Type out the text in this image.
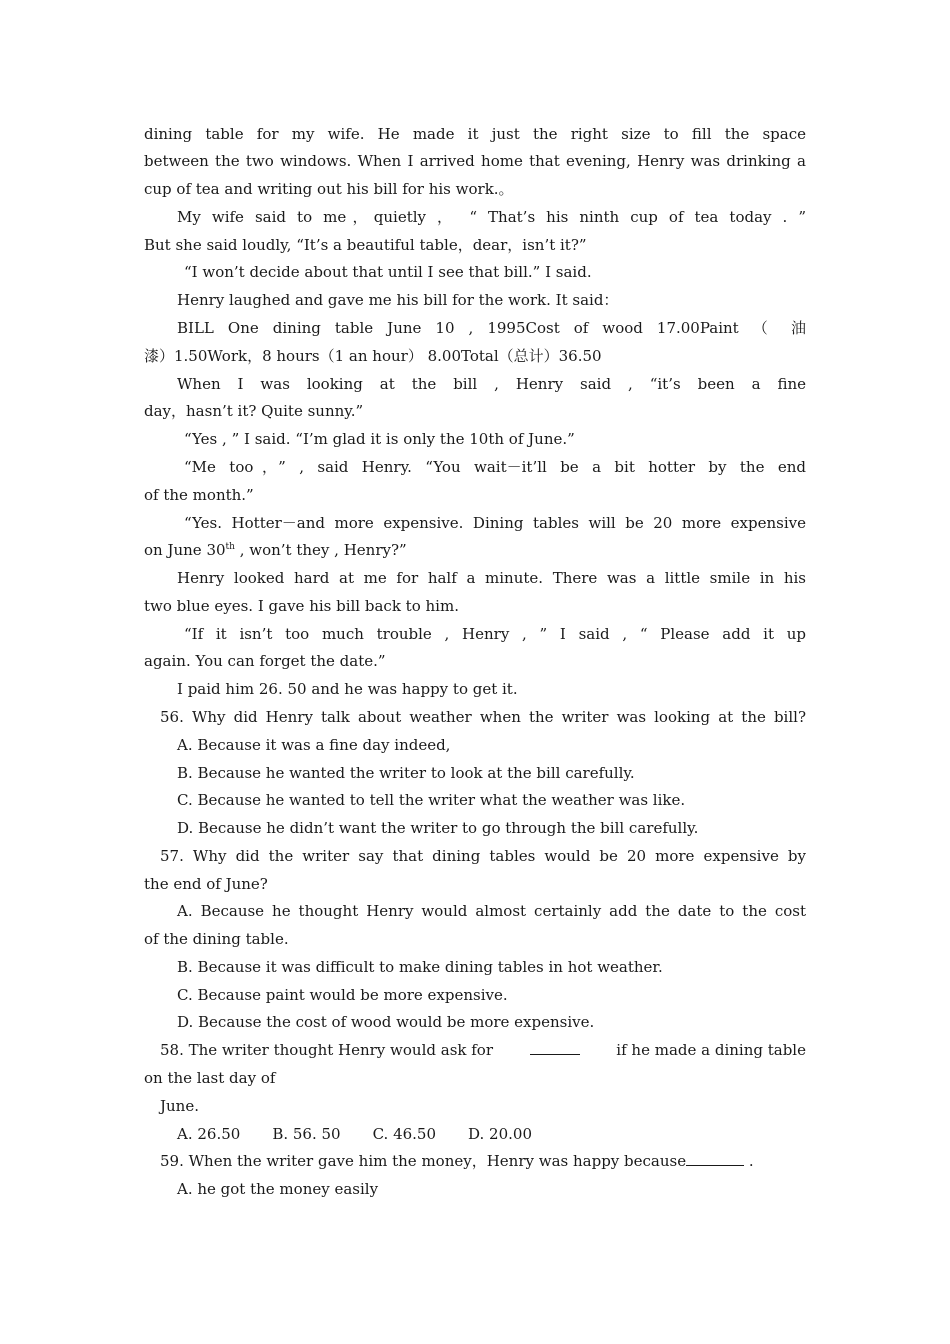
dining table for my wife. He made it just the right size to fill the space
between the two windows. When I arrived home that evening, Henry was drinking a
cup of tea and writing out his bill for his work.。
My wife said to me，quietly ， “ That’s his ninth cup of tea today . ”
But she said loudly, “It’s a beautiful table，dear，isn’t it?”
“I won’t decide about that until I see that bill.” I said.
Henry laughed and gave me his bill for the work. It said：
BILL One dining table June 10 , 1995Cost of wood 17.00Paint （ 油
漆）1.50Work，8 hours（1 an hour） 8.00Total（总计）36.50
When I was looking at the bill , Henry said , “it’s been a fine
day，hasn’t it? Quite sunny.”
“Yes , ” I said. “I’m glad it is only the 10th of June.”
“Me too，” , said Henry. “You wait－it’ll be a bit hotter by the end
of the month.”
“Yes. Hotter－and more expensive. Dining tables will be 20 more expensive
on June 30th , won’t they , Henry?”
Henry looked hard at me for half a minute. There was a little smile in his
two blue eyes. I gave his bill back to him.
“If it isn’t too much trouble , Henry , ” I said , “ Please add it up
again. You can forget the date.”
I paid him 26. 50 and he was happy to get it.
56. Why did Henry talk about weather when the writer was looking at the bill?
A. Because it was a fine day indeed,
B. Because he wanted the writer to look at the bill carefully.
C. Because he wanted to tell the writer what the weather was like.
D. Because he didn’t want the writer to go through the bill carefully.
57. Why did the writer say that dining tables would be 20 more expensive by
the end of June?
A. Because he thought Henry would almost certainly add the date to the cost
of the dining table.
B. Because it was difficult to make dining tables in hot weather.
C. Because paint would be more expensive.
D. Because the cost of wood would be more expensive.
58. The writer thought Henry would ask for	if he made a dining table
on the last day of
June.
A. 26.50 B. 56. 50 C. 46.50 D. 20.00
59. When the writer gave him the money，Henry was happy because	.
A. he got the money easily
